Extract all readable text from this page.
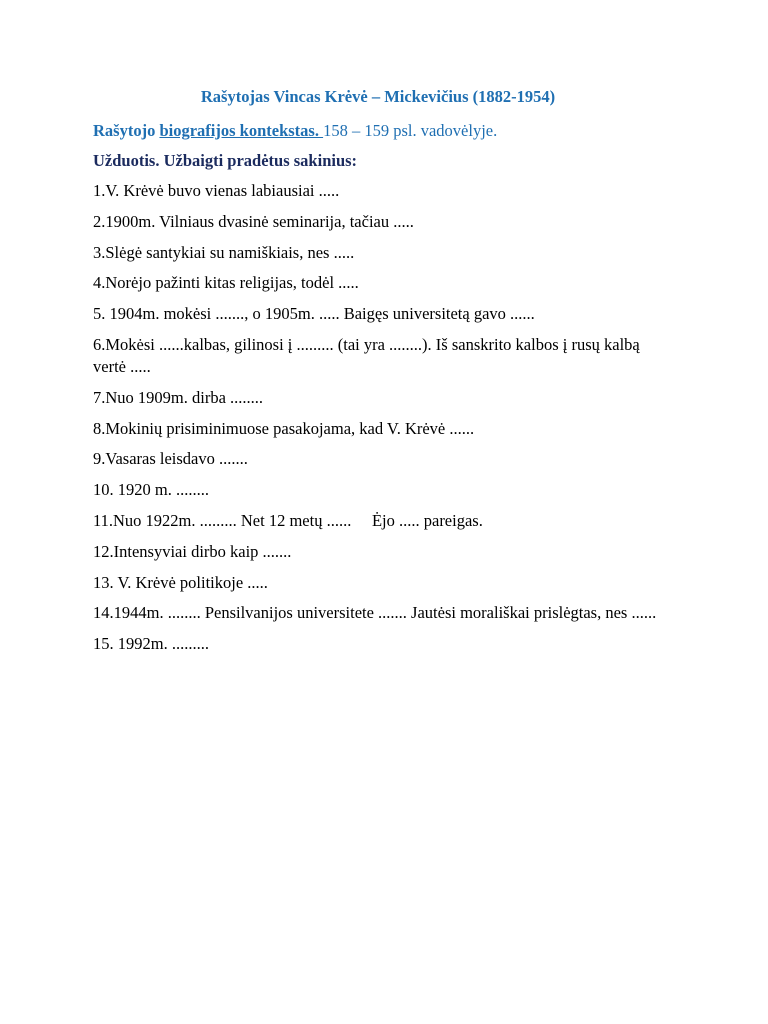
Rašytojas Vincas Krėvė – Mickevičius (1882-1954)
Rašytojo biografijos kontekstas. 158 – 159 psl. vadovėlyje.
Užduotis. Užbaigti pradėtus sakinius:
1.V. Krėvė buvo vienas labiausiai .....
2.1900m. Vilniaus dvasinė seminarija, tačiau .....
3.Slėgė santykiai su namiškiais, nes .....
4.Norėjo pažinti kitas religijas, todėl .....
5. 1904m. mokėsi ......., o 1905m. ..... Baigęs universitetą gavo ......
6.Mokėsi ......kalbas, gilinosi į ......... (tai yra ........). Iš sanskrito kalbos į rusų kalbą vertė .....
7.Nuo 1909m. dirba ........
8.Mokinių prisiminimuose pasakojama, kad V. Krėvė ......
9.Vasaras leisdavo .......
10. 1920 m. ........
11.Nuo 1922m. ......... Net 12 metų ......     Ėjo ..... pareigas.
12.Intensyviai dirbo kaip .......
13. V. Krėvė politikoje .....
14.1944m. ........ Pensilvanijos universitete ....... Jautėsi morališkai prislėgtas, nes ......
15. 1992m. .........
